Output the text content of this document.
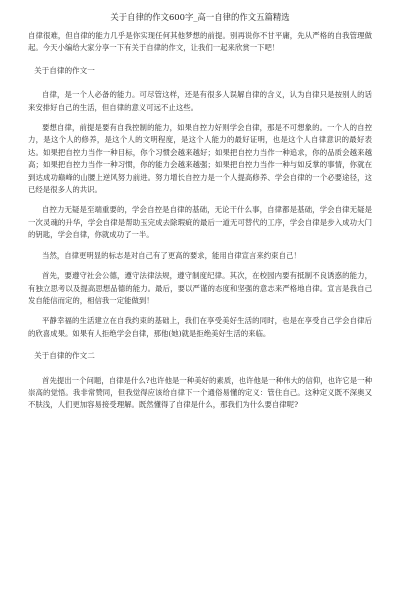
关于自律的作文600字_高一自律的作文五篇精选

自律很难，但自律的能力几乎是你实现任何其他梦想的前提。别再说你不甘平庸，先从严格的自我管理做起。今天小编给大家分享一下有关于自律的作文，让我们一起来欣赏一下吧！

关于自律的作文一

自律，是一个人必备的能力。可尽管这样，还是有很多人误解自律的含义，认为自律只是按别人的话来安排好自己的生活，但自律的意义可远不止这些。

要想自律，前提是要有自我控制的能力，如果自控力好则学会自律，那是不可想象的。一个人的自控力，是这个人的修养，是这个人的文明程度，是这个人能力的最好证明，也是这个人自律意识的最好表达。如果把自控力当作一种目标，你个习惯会越来越好；如果把自控力当作一种追求，你的品质会越来越高；如果把自控力当作一种习惯，你的能力会越来越强；如果把自控力当作一种与如反掌的事情，你就在到达成功巅峰的山腰上逆风努力前进。努力增长自控力是一个人提高修养、学会自律的一个必要途径，这已经是很多人的共识。

自控力无疑是至端重要的，学会自控是自律的基础，无论干什么事，自律都是基础，学会自律无疑是一次灵魂的升华，学会自律是帮助玉完成去除瑕疵的最后一道无可替代的工序，学会自律是步入成功大门的钥匙，学会自律，你就成功了一半。

当然，自律更明显的标志是对自己有了更高的要求，能用自律宣言来约束自己！

首先，要遵守社会公德，遵守法律法规，遵守制度纪律。其次，在校园内要有抵制不良诱惑的能力，有独立思考以及提高思想品德的能力。最后，要以严谨的态度和坚强的意志来严格地自律。宣言是我自己发自能信而定的，相信我一定能做到！

平静幸福的生活建立在自我约束的基础上，我们在享受美好生活的同时，也是在享受自己学会自律后的欣喜成果。如果有人拒绝学会自律，那他(她)就是拒绝美好生活的来临。

关于自律的作文二

首先提出一个问题，自律是什么?也许他是一种美好的素质，也许他是一种伟大的信仰，也许它是一种崇高的觉悟。我非常赞同，但我觉得应该给自律下一个通俗易懂的定义：管住自己。这种定义既不深奥又不肤浅，人们更加容易接受理解。既然懂得了自律是什么，那我们为什么要自律呢?
